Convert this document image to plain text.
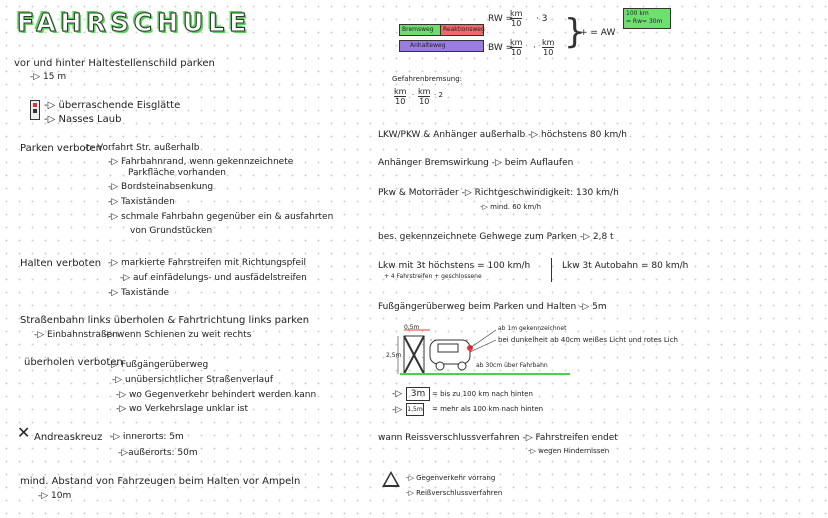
FAHRSCHULE	100 km
= Rw= 30m
vor und hinter Haltestellenschild parken
-▷ 15 m
-▷ überraschende Eisglätte
-▷ Nasses Laub
Parken verboten
-▷ Vorfahrt Str. außerhalb
-▷ Fahrbahnrand, wenn gekennzeichnete
Parkfläche vorhanden
-▷ Bordsteinabsenkung
-▷ Taxiständen
-▷ schmale Fahrbahn gegenüber ein & ausfahrten
von Grundstücken
Halten verboten -▷ markierte Fahrstreifen mit Richtungspfeil
-▷ auf einfädelungs- und ausfädelstreifen
-▷ Taxistände
Straßenbahn links überholen & Fahrtrichtung links parken
-▷ Einbahnstraßen
-▷ wenn Schienen zu weit rechts
überholen verboten
-▷ Fußgängerüberweg
-▷ unübersichtlicher Straßenverlauf
-▷ wo Gegenverkehr behindert werden kann
-▷ wo Verkehrslage unklar ist
✕ Andreaskreuz -▷ innerorts: 5m
-▷außerorts: 50m
mind. Abstand von Fahrzeugen beim Halten vor Ampeln
-▷ 10m
Bremsweg Reaktionsweg
Anhalteweg
RW =
$\frac{km}{10} \cdot 3$
BW =
$\frac{km}{10} \cdot \frac{km}{10}$ }
+ = AW
Gefahrenbremsung:
$\frac{km}{10} \cdot \frac{km}{10} \cdot 2$
LKW/PKW & Anhänger außerhalb -▷ höchstens 80 km/h
Anhänger Bremswirkung -▷ beim Auflaufen
Pkw & Motorräder -▷ Richtgeschwindigkeit: 130 km/h
-▷ mind. 60 km/h
bes. gekennzeichnete Gehwege zum Parken -▷ 2,8 t
Lkw mit 3t höchstens = 100 km/h
+ 4 Fahrstreifen + geschlossene
Lkw 3t Autobahn = 80 km/h
Fußgängerüberweg beim Parken und Halten -▷ 5m
ab 1m gekennzeichnet
bei dunkelheit ab 40cm weißes Licht und rotes Lich
0,5m
2,5m
ab 30cm über Fahrbahn
-▷ 3m = bis zu 100 km nach hinten
-▷ 1,5m = mehr als 100 km nach hinten
wann Reissverschlussverfahren -▷ Fahrstreifen endet
-▷ wegen Hindernissen
-▷ Gegenverkehr vorrang
-▷ Reißverschlussverfahren
